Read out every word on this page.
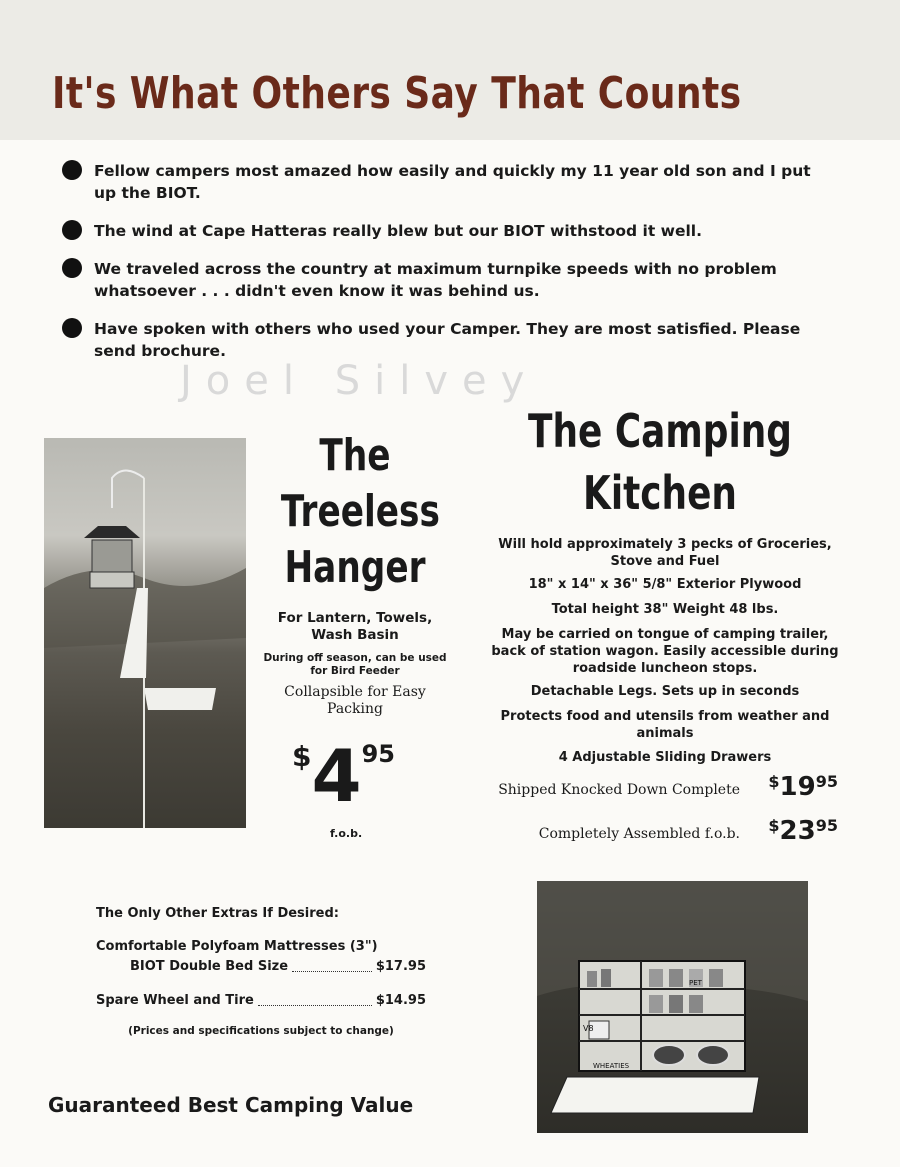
It's What Others Say That Counts
Fellow campers most amazed how easily and quickly my 11 year old son and I put up the BIOT.
The wind at Cape Hatteras really blew but our BIOT withstood it well.
We traveled across the country at maximum turnpike speeds with no problem whatsoever . . . didn't even know it was behind us.
Have spoken with others who used your Camper. They are most satisfied. Please send brochure.
Joel Silvey
The
Treeless
Hanger
For Lantern, Towels, Wash Basin
During off season, can be used for Bird Feeder
Collapsible for Easy Packing
$495
f.o.b.
The Camping
Kitchen
Will hold approximately 3 pecks of Groceries, Stove and Fuel
18" x 14" x 36" 5/8" Exterior Plywood
Total height 38" Weight 48 lbs.
May be carried on tongue of camping trailer, back of station wagon. Easily accessible during roadside luncheon stops.
Detachable Legs. Sets up in seconds
Protects food and utensils from weather and animals
4 Adjustable Sliding Drawers
Shipped Knocked Down Complete $1995
Completely Assembled f.o.b. $2395
PET
V8
WHEATIES
The Only Other Extras If Desired:
Comfortable Polyfoam Mattresses (3")
BIOT Double Bed Size	$17.95
Spare Wheel and Tire	$14.95
(Prices and specifications subject to change)
Guaranteed Best Camping Value
